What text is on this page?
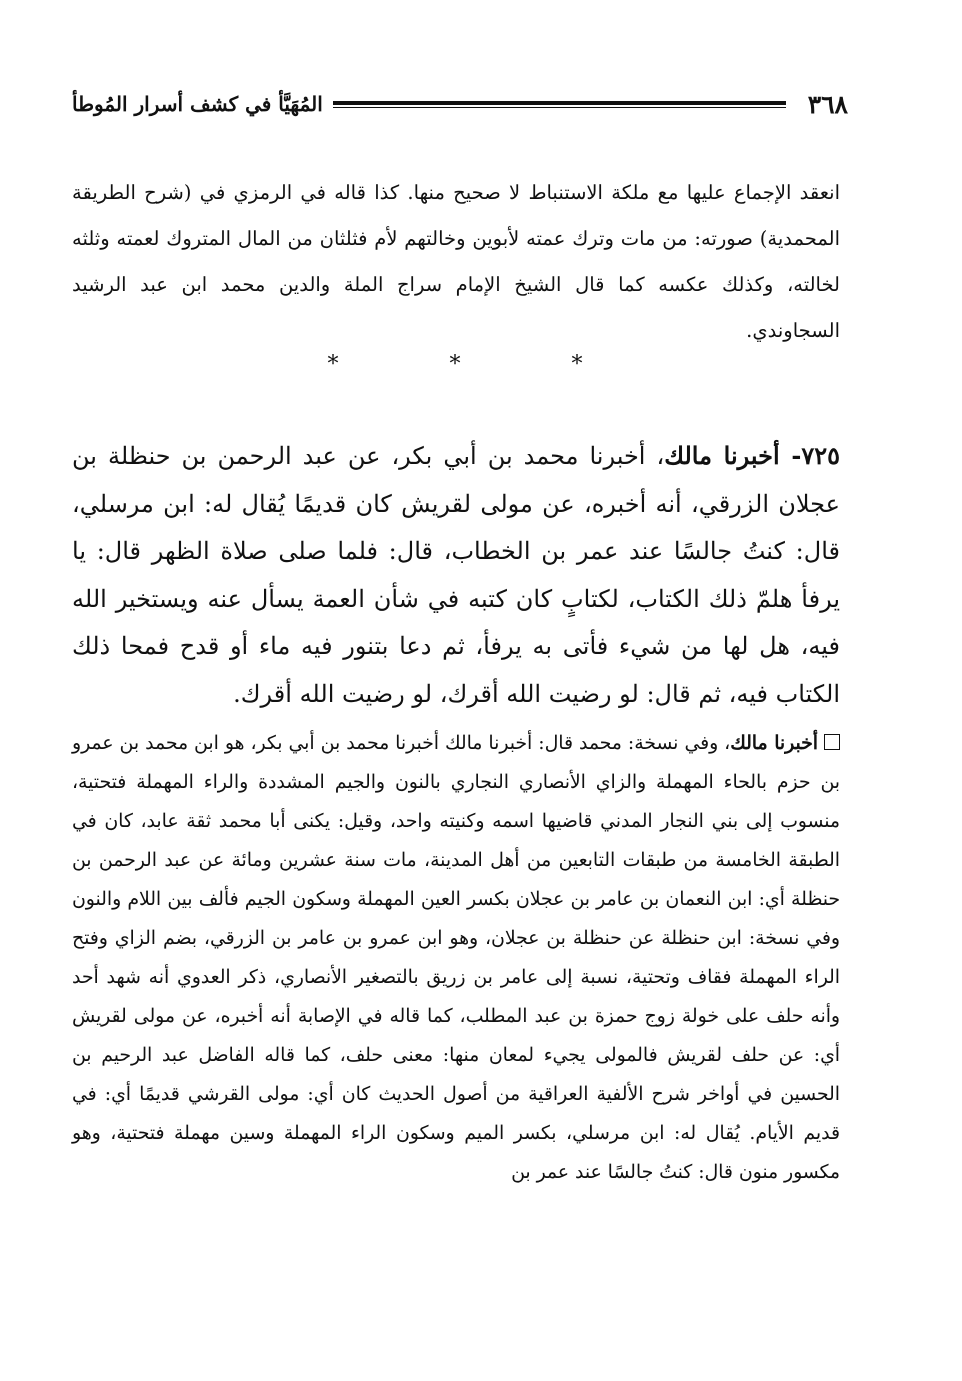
٣٦٨
المُهَيَّأ في كشف أسرار المُوطأ

انعقد الإجماع عليها مع ملكة الاستنباط لا صحيح منها. كذا قاله في الرمزي في (شرح الطريقة المحمدية) صورته: من مات وترك عمته لأبوين وخالتهم لأم فثلثان من المال المتروك لعمته وثلثه لخالته، وكذلك عكسه كما قال الشيخ الإمام سراج الملة والدين محمد ابن عبد الرشيد السجاوندي.

* * *

٧٢٥- أخبرنا مالك، أخبرنا محمد بن أبي بكر، عن عبد الرحمن بن حنظلة بن عجلان الزرقي، أنه أخبره، عن مولى لقريش كان قديمًا يُقال له: ابن مرسلي، قال: كنتُ جالسًا عند عمر بن الخطاب، قال: فلما صلى صلاة الظهر قال: يا يرفأ هلمّ ذلك الكتاب، لكتابٍ كان كتبه في شأن العمة يسأل عنه ويستخير الله فيه، هل لها من شيء فأتى به يرفأ، ثم دعا بتنور فيه ماء أو قدح فمحا ذلك الكتاب فيه، ثم قال: لو رضيت الله أقرك، لو رضيت الله أقرك.

أخبرنا مالك، وفي نسخة: محمد قال: أخبرنا مالك أخبرنا محمد بن أبي بكر، هو ابن محمد بن عمرو بن حزم بالحاء المهملة والزاي الأنصاري النجاري بالنون والجيم المشددة والراء المهملة فتحتية، منسوب إلى بني النجار المدني قاضيها اسمه وكنيته واحد، وقيل: يكنى أبا محمد ثقة عابد، كان في الطبقة الخامسة من طبقات التابعين من أهل المدينة، مات سنة عشرين ومائة عن عبد الرحمن بن حنظلة أي: ابن النعمان بن عامر بن عجلان بكسر العين المهملة وسكون الجيم فألف بين اللام والنون وفي نسخة: ابن حنظلة عن حنظلة بن عجلان، وهو ابن عمرو بن عامر بن الزرقي، بضم الزاي وفتح الراء المهملة فقاف وتحتية، نسبة إلى عامر بن زريق بالتصغير الأنصاري، ذكر العدوي أنه شهد أحد وأنه حلف على خولة زوج حمزة بن عبد المطلب، كما قاله في الإصابة أنه أخبره، عن مولى لقريش أي: عن حلف لقريش فالمولى يجيء لمعان منها: معنى حلف، كما قاله الفاضل عبد الرحيم بن الحسين في أواخر شرح الألفية العراقية من أصول الحديث كان أي: مولى القرشي قديمًا أي: في قديم الأيام. يُقال له: ابن مرسلي، بكسر الميم وسكون الراء المهملة وسين مهملة فتحتية، وهو مكسور منون قال: كنتُ جالسًا عند عمر بن
